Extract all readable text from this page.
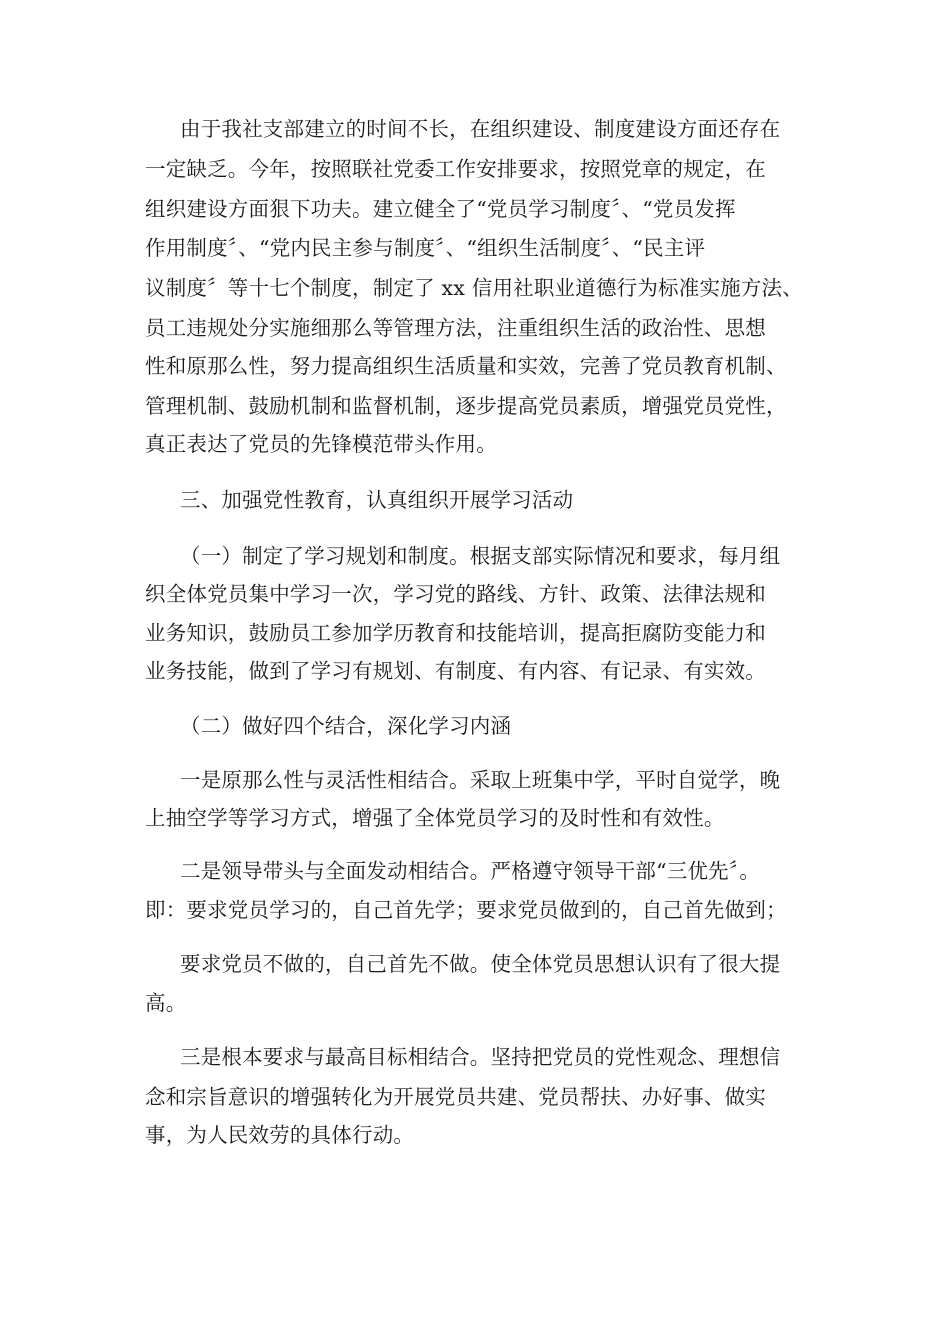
由于我社支部建立的时间不长，在组织建设、制度建设方面还存在
一定缺乏。今年，按照联社党委工作安排要求，按照党章的规定，在
组织建设方面狠下功夫。建立健全了“党员学习制度〞、“党员发挥
作用制度〞、“党内民主参与制度〞、“组织生活制度〞、“民主评
议制度〞等十七个制度，制定了 xx 信用社职业道德行为标准实施方法、
员工违规处分实施细那么等管理方法，注重组织生活的政治性、思想
性和原那么性，努力提高组织生活质量和实效，完善了党员教育机制、
管理机制、鼓励机制和监督机制，逐步提高党员素质，增强党员党性，
真正表达了党员的先锋模范带头作用。
三、加强党性教育，认真组织开展学习活动
（一）制定了学习规划和制度。根据支部实际情况和要求，每月组
织全体党员集中学习一次，学习党的路线、方针、政策、法律法规和
业务知识，鼓励员工参加学历教育和技能培训，提高拒腐防变能力和
业务技能，做到了学习有规划、有制度、有内容、有记录、有实效。
（二）做好四个结合，深化学习内涵
一是原那么性与灵活性相结合。采取上班集中学，平时自觉学，晚
上抽空学等学习方式，增强了全体党员学习的及时性和有效性。
二是领导带头与全面发动相结合。严格遵守领导干部“三优先〞。
即：要求党员学习的，自己首先学；要求党员做到的，自己首先做到；
要求党员不做的，自己首先不做。使全体党员思想认识有了很大提
高。
三是根本要求与最高目标相结合。坚持把党员的党性观念、理想信
念和宗旨意识的增强转化为开展党员共建、党员帮扶、办好事、做实
事，为人民效劳的具体行动。
